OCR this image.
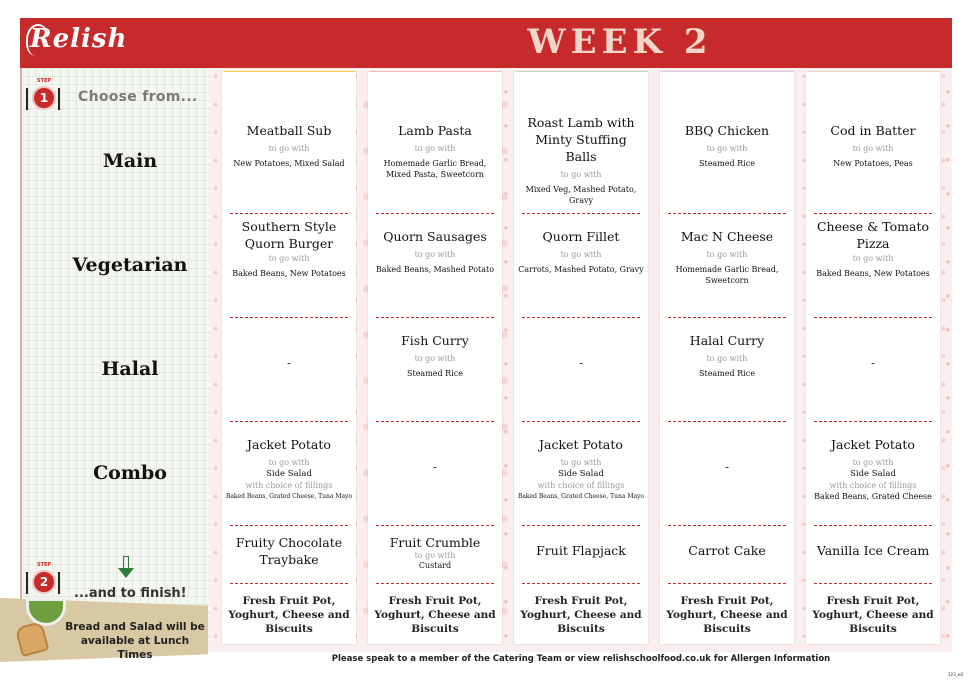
Relish	WEEK 2
STEP
1	Choose from...
Main
Vegetarian
Halal
Combo
STEP
2
...and to finish!
Bread and Salad will be available at Lunch Times
Meatball Sub
to go with
New Potatoes, Mixed Salad
Southern Style Quorn Burger
to go with
Baked Beans, New Potatoes
-
Jacket Potato
to go with
Side Salad
with choice of fillings
Baked Beans, Grated Cheese, Tuna Mayo
Fruity Chocolate Traybake
Fresh Fruit Pot, Yoghurt, Cheese and Biscuits
Lamb Pasta
to go with
Homemade Garlic Bread, Mixed Pasta, Sweetcorn
Quorn Sausages
to go with
Baked Beans, Mashed Potato
Fish Curry
to go with
Steamed Rice
-
Fruit Crumble
to go with
Custard
Fresh Fruit Pot, Yoghurt, Cheese and Biscuits
Roast Lamb with Minty Stuffing Balls
to go with
Mixed Veg, Mashed Potato, Gravy
Quorn Fillet
to go with
Carrots, Mashed Potato, Gravy
-
Jacket Potato
to go with
Side Salad
with choice of fillings
Baked Beans, Grated Cheese, Tuna Mayo
Fruit Flapjack
Fresh Fruit Pot, Yoghurt, Cheese and Biscuits
BBQ Chicken
to go with
Steamed Rice
Mac N Cheese
to go with
Homemade Garlic Bread, Sweetcorn
Halal Curry
to go with
Steamed Rice
-
Carrot Cake
Fresh Fruit Pot, Yoghurt, Cheese and Biscuits
Cod in Batter
to go with
New Potatoes, Peas
Cheese & Tomato Pizza
to go with
Baked Beans, New Potatoes
-
Jacket Potato
to go with
Side Salad
with choice of fillings
Baked Beans, Grated Cheese
Vanilla Ice Cream
Fresh Fruit Pot, Yoghurt, Cheese and Biscuits
Please speak to a member of the Catering Team or view relishschoolfood.co.uk for Allergen Information
123_w2
